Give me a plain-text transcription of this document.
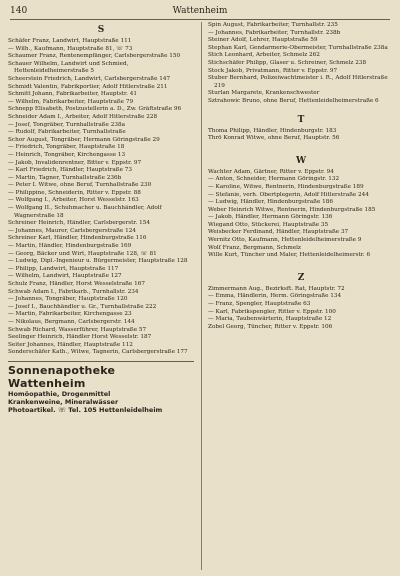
140	Wattenheim
S
Schäfer Franz, Landwirt, Hauptstraße 111
— Wilh., Kaufmann, Hauptstraße 81, ☏ 73
Schaumer Franz, Rentenempfänger, Carlsbergerstraße 150
Schauer Wilhelm, Landwirt und Schmied, Hettenleidelheimerstraße 5
Scheerstein Friedrich, Landwirt, Carlsbergerstraße 147
Schmidt Valentin, Fabrikportier, Adolf Hitlerstraße 211
Schmitt Johann, Fabrikarbeiter, Hauptstr. 41
— Wilhelm, Fabrikarbeiter, Hauptstraße 79
Schnepp Elisabeth, Postzustellerin a. D., Zw. Gräftstraße 96
Schneider Adam I., Arbeiter, Adolf Hitlerstraße 228
— Josef, Tongräber, Turnhallstraße 238a
— Rudolf, Fabrikarbeiter, Turnhallstraße
Schor August, Tongräber, Hermann Göringstraße 29
— Friedrich, Tongräber, Hauptstraße 18
— Heinrich, Tongräber, Kirchengasse 13
— Jakob, Invalidenrentner, Bitter v. Eppstr. 97
— Karl Friedrich, Händler, Hauptstraße 73
— Martin, Tagner, Turnhallstraße 236b
— Peter I. Witwe, ohne Beruf, Turnhallstraße 230
— Philippine, Schneiderin, Ritter v. Eppstr. 88
— Wolfgang I., Arbeiter, Horst Wesselstr. 163
— Wolfgang II., Schuhmacher u. Bauchhändler, Adolf Wagnerstraße 18
Schreiner Heinrich, Händler, Carlsbergerstr. 154
— Johannes, Maurer, Carlsbergerstraße 124
Schreiner Karl, Händler, Hindenburgstraße 116
— Martin, Händler, Hindenburgstraße 169
— Georg, Bäcker und Wirt, Hauptstraße 128, ☏ 81
— Ludwig, Dipl.-Ingenieur u. Bürgermeister, Hauptstraße 128
— Philipp, Landwirt, Hauptstraße 117
— Wilhelm, Landwirt, Hauptstraße 127
Schulz Franz, Händler, Horst Wesselstraße 167
Schwab Adam I., Fabrikarb., Turnhallstr. 234
— Johannes, Tongräber, Hauptstraße 120
— Josef I., Bauchhändler u. Gr., Turnhallstraße 222
— Martin, Fabrikarbeiter, Kirchengasse 23
— Nikolaus, Bergmann, Carlsbergerstr. 144
Schwab Richard, Wasserführer, Hauptstraße 57
Seelinger Heinrich, Händler Horst Wesselstr. 187
Seiter Johannes, Händler, Hauptstraße 112
Sonderschäfer Kath., Witwe, Tagnerin, Carlsbergerstraße 177
Sonnenapotheke Wattenheim
Homöopathie, Drogenmittel
Krankenweine, Mineralwässer
Photoartikel. ☏ Tel. 105 Hettenleidelheim
Spin August, Fabrikarbeiter, Turnhallstr. 235
— Johannes, Fabrikarbeiter, Turnhallstr. 238b
Steiner Adolf, Lehrer, Hauptstraße 59
Stephan Karl, Gendarmerie-Obermeister, Turnhallstraße 238a
Stich Leonhard, Arbeiter, Schmelz 262
Stichschäfer Philipp, Glaser u. Schreiner, Schmelz 238
Stock Jakob, Privatmann, Ritter v. Eppstr. 97
Stuber Bernhard, Polizeiwachtmeister i. R., Adolf Hitlerstraße 219
Sturlan Margarete, Krankenschwester
Sztrahowic Bruno, ohne Beruf, Hettenleidelheimerstraße 6
T
Thoma Philipp, Händler, Hindenburgstr. 183
Thrö Konrad Witwe, ohne Beruf, Hauptstr. 56
W
Wachter Adam, Gärtner, Ritter v. Eppstr. 94
— Anton, Schneider, Hermann Göringstr. 132
— Karoline, Witwe, Rentnerin, Hindenburgstraße 189
— Stefanie, verh. Obertplegerin, Adolf Hitlerstraße 244
— Ludwig, Händler, Hindenburgstraße 186
Weber Heinrich Witwe, Rentnerin, Hindenburgstraße 185
— Jakob, Händler, Hermann Göringstr. 136
Wiegand Otto, Stückerei, Hauptstraße 35
Weisbecker Ferdinand, Händler, Hauptstraße 37
Wernitz Otto, Kaufmann, Hettenleidelheimerstraße 9
Wolf Franz, Bergmann, Schmelz
Wille Kurt, Tüncher und Maler, Hettenleidelheimerstr. 6
Z
Zimmermann Aug., Bezirksft. Rat, Hauptstr. 72
— Emma, Händlerin, Herm. Göringstraße 134
— Franz, Spengler, Hauptstraße 63
— Karl, Fabrikspengler, Ritter v. Eppstr. 100
— Maria, Taubenwärterin, Hauptstraße 12
Zobel Georg, Tüncher, Ritter v. Eppstr. 106
